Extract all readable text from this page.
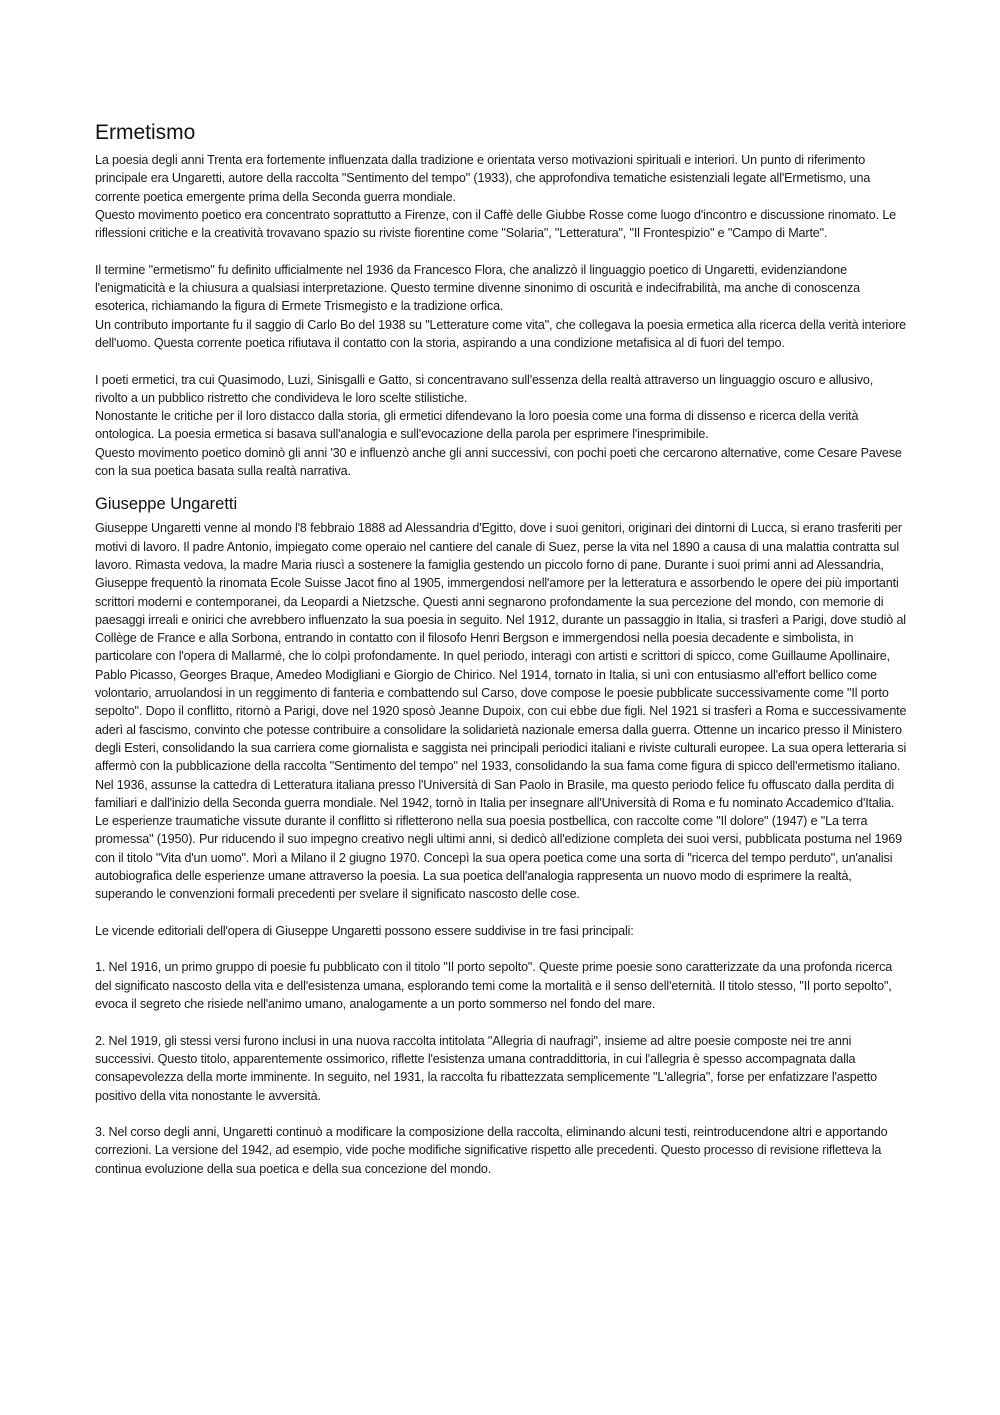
Ermetismo

La poesia degli anni Trenta era fortemente influenzata dalla tradizione e orientata verso motivazioni spirituali e interiori. Un punto di riferimento principale era Ungaretti, autore della raccolta "Sentimento del tempo" (1933), che approfondiva tematiche esistenziali legate all'Ermetismo, una corrente poetica emergente prima della Seconda guerra mondiale.

Questo movimento poetico era concentrato soprattutto a Firenze, con il Caffè delle Giubbe Rosse come luogo d'incontro e discussione rinomato. Le riflessioni critiche e la creatività trovavano spazio su riviste fiorentine come "Solaria", "Letteratura", "Il Frontespizio" e "Campo di Marte".

Il termine "ermetismo" fu definito ufficialmente nel 1936 da Francesco Flora, che analizzò il linguaggio poetico di Ungaretti, evidenziandone l'enigmaticità e la chiusura a qualsiasi interpretazione. Questo termine divenne sinonimo di oscurità e indecifrabilità, ma anche di conoscenza esoterica, richiamando la figura di Ermete Trismegisto e la tradizione orfica.

Un contributo importante fu il saggio di Carlo Bo del 1938 su "Letterature come vita", che collegava la poesia ermetica alla ricerca della verità interiore dell'uomo. Questa corrente poetica rifiutava il contatto con la storia, aspirando a una condizione metafisica al di fuori del tempo.

I poeti ermetici, tra cui Quasimodo, Luzi, Sinisgalli e Gatto, si concentravano sull'essenza della realtà attraverso un linguaggio oscuro e allusivo, rivolto a un pubblico ristretto che condivideva le loro scelte stilistiche.

Nonostante le critiche per il loro distacco dalla storia, gli ermetici difendevano la loro poesia come una forma di dissenso e ricerca della verità ontologica. La poesia ermetica si basava sull'analogia e sull'evocazione della parola per esprimere l'inesprimibile.

Questo movimento poetico dominò gli anni '30 e influenzò anche gli anni successivi, con pochi poeti che cercarono alternative, come Cesare Pavese con la sua poetica basata sulla realtà narrativa.

Giuseppe Ungaretti

Giuseppe Ungaretti venne al mondo l'8 febbraio 1888 ad Alessandria d'Egitto, dove i suoi genitori, originari dei dintorni di Lucca, si erano trasferiti per motivi di lavoro. Il padre Antonio, impiegato come operaio nel cantiere del canale di Suez, perse la vita nel 1890 a causa di una malattia contratta sul lavoro. Rimasta vedova, la madre Maria riuscì a sostenere la famiglia gestendo un piccolo forno di pane. Durante i suoi primi anni ad Alessandria, Giuseppe frequentò la rinomata Ecole Suisse Jacot fino al 1905, immergendosi nell'amore per la letteratura e assorbendo le opere dei più importanti scrittori moderni e contemporanei, da Leopardi a Nietzsche. Questi anni segnarono profondamente la sua percezione del mondo, con memorie di paesaggi irreali e onirici che avrebbero influenzato la sua poesia in seguito. Nel 1912, durante un passaggio in Italia, si trasferì a Parigi, dove studiò al Collège de France e alla Sorbona, entrando in contatto con il filosofo Henri Bergson e immergendosi nella poesia decadente e simbolista, in particolare con l'opera di Mallarmé, che lo colpì profondamente. In quel periodo, interagì con artisti e scrittori di spicco, come Guillaume Apollinaire, Pablo Picasso, Georges Braque, Amedeo Modigliani e Giorgio de Chirico. Nel 1914, tornato in Italia, si unì con entusiasmo all'effort bellico come volontario, arruolandosi in un reggimento di fanteria e combattendo sul Carso, dove compose le poesie pubblicate successivamente come "Il porto sepolto". Dopo il conflitto, ritornò a Parigi, dove nel 1920 sposò Jeanne Dupoix, con cui ebbe due figli. Nel 1921 si trasferì a Roma e successivamente aderì al fascismo, convinto che potesse contribuire a consolidare la solidarietà nazionale emersa dalla guerra. Ottenne un incarico presso il Ministero degli Esteri, consolidando la sua carriera come giornalista e saggista nei principali periodici italiani e riviste culturali europee. La sua opera letteraria si affermò con la pubblicazione della raccolta "Sentimento del tempo" nel 1933, consolidando la sua fama come figura di spicco dell'ermetismo italiano. Nel 1936, assunse la cattedra di Letteratura italiana presso l'Università di San Paolo in Brasile, ma questo periodo felice fu offuscato dalla perdita di familiari e dall'inizio della Seconda guerra mondiale. Nel 1942, tornò in Italia per insegnare all'Università di Roma e fu nominato Accademico d'Italia. Le esperienze traumatiche vissute durante il conflitto si rifletterono nella sua poesia postbellica, con raccolte come "Il dolore" (1947) e "La terra promessa" (1950). Pur riducendo il suo impegno creativo negli ultimi anni, si dedicò all'edizione completa dei suoi versi, pubblicata postuma nel 1969 con il titolo "Vita d'un uomo". Morì a Milano il 2 giugno 1970. Concepì la sua opera poetica come una sorta di "ricerca del tempo perduto", un'analisi autobiografica delle esperienze umane attraverso la poesia. La sua poetica dell'analogia rappresenta un nuovo modo di esprimere la realtà, superando le convenzioni formali precedenti per svelare il significato nascosto delle cose.

Le vicende editoriali dell'opera di Giuseppe Ungaretti possono essere suddivise in tre fasi principali:

1. Nel 1916, un primo gruppo di poesie fu pubblicato con il titolo "Il porto sepolto". Queste prime poesie sono caratterizzate da una profonda ricerca del significato nascosto della vita e dell'esistenza umana, esplorando temi come la mortalità e il senso dell'eternità. Il titolo stesso, "Il porto sepolto", evoca il segreto che risiede nell'animo umano, analogamente a un porto sommerso nel fondo del mare.

2. Nel 1919, gli stessi versi furono inclusi in una nuova raccolta intitolata "Allegria di naufragi", insieme ad altre poesie composte nei tre anni successivi. Questo titolo, apparentemente ossimorico, riflette l'esistenza umana contraddittoria, in cui l'allegria è spesso accompagnata dalla consapevolezza della morte imminente. In seguito, nel 1931, la raccolta fu ribattezzata semplicemente "L'allegria", forse per enfatizzare l'aspetto positivo della vita nonostante le avversità.

3. Nel corso degli anni, Ungaretti continuò a modificare la composizione della raccolta, eliminando alcuni testi, reintroducendone altri e apportando correzioni. La versione del 1942, ad esempio, vide poche modifiche significative rispetto alle precedenti. Questo processo di revisione rifletteva la continua evoluzione della sua poetica e della sua concezione del mondo.
